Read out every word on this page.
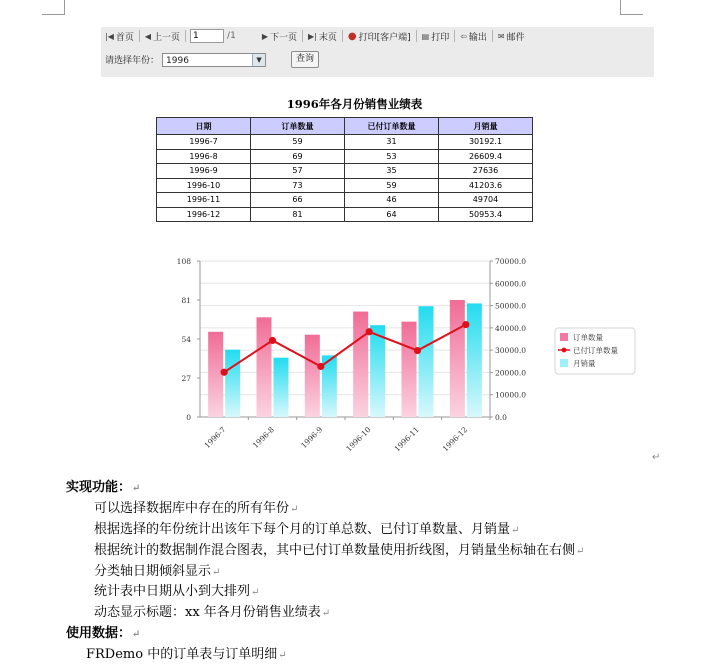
|◀ 首页 ◀ 上一页
1	/1	▶ 下一页 ▶| 末页 ● 打印[客户端] ▤ 打印 ⇦ 输出 ✉ 邮件
请选择年份： 1996	▼	查询
1996年各月份销售业绩表
日期	订单数量	已付订单数量	月销量
1996-7	59	31	30192.1
1996-8	69	53	26609.4
1996-9	57	35	27636
1996-10	73	59	41203.6
1996-11	66	46	49704
1996-12	81	64	50953.4
0
27
54
81
108
0.0
10000.0
20000.0
30000.0
40000.0
50000.0
60000.0
70000.0
1996-7	1996-8	1996-9	1996-10	1996-11	1996-12
订单数量
已付订单数量
月销量
实现功能：↵
可以选择数据库中存在的所有年份↵
根据选择的年份统计出该年下每个月的订单总数、已付订单数量、月销量↵
根据统计的数据制作混合图表，其中已付订单数量使用折线图，月销量坐标轴在右侧↵
分类轴日期倾斜显示↵
统计表中日期从小到大排列↵
动态显示标题：xx 年各月份销售业绩表↵
使用数据：↵
FRDemo 中的订单表与订单明细↵
↵
